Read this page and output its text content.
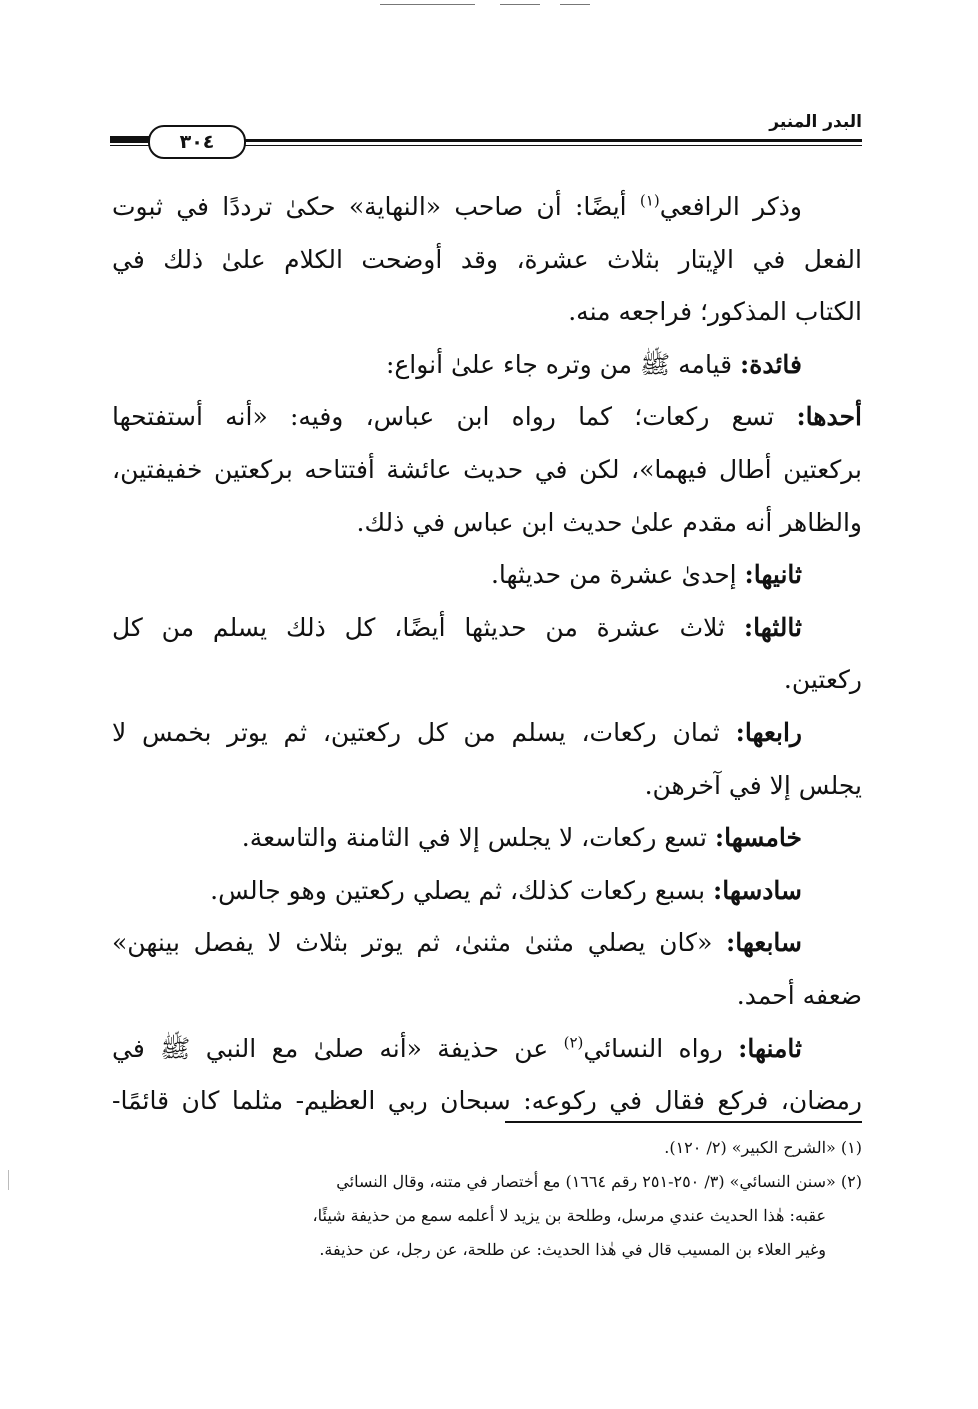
٣٠٤
البدر المنير
وذكر الرافعي$^{(١)}$ أيضًا: أن صاحب «النهاية» حكىٰ ترددًا في ثبوت
الفعل في الإيتار بثلاث عشرة، وقد أوضحت الكلام علىٰ ذلك في
الكتاب المذكور؛ فراجعه منه.
فائدة: قيامه ﷺ من وتره جاء علىٰ أنواع:
أحدها: تسع ركعات؛ كما رواه ابن عباس، وفيه: «أنه أستفتحها
بركعتين أطال فيهما»، لكن في حديث عائشة أفتتاحه بركعتين خفيفتين،
والظاهر أنه مقدم علىٰ حديث ابن عباس في ذلك.
ثانيها: إحدىٰ عشرة من حديثها.
ثالثها: ثلاث عشرة من حديثها أيضًا، كل ذلك يسلم من كل
ركعتين.
رابعها: ثمان ركعات، يسلم من كل ركعتين، ثم يوتر بخمس لا
يجلس إلا في آخرهن.
خامسها: تسع ركعات، لا يجلس إلا في الثامنة والتاسعة.
سادسها: بسبع ركعات كذلك، ثم يصلي ركعتين وهو جالس.
سابعها: «كان يصلي مثنىٰ مثنىٰ، ثم يوتر بثلاث لا يفصل بينهن»
ضعفه أحمد.
ثامنها: رواه النسائي$^{(٢)}$ عن حذيفة «أنه صلىٰ مع النبي ﷺ في
رمضان، فركع فقال في ركوعه: سبحان ربي العظيم- مثلما كان قائمًا-
(١) «الشرح الكبير» (٢/ ١٢٠).
(٢) «سنن النسائي» (٣/ ٢٥٠-٢٥١ رقم ١٦٦٤) مع أختصار في متنه، وقال النسائي
عقبه: هٰذا الحديث عندي مرسل، وطلحة بن يزيد لا أعلمه سمع من حذيفة شيئًا،
وغير العلاء بن المسيب قال في هٰذا الحديث: عن طلحة، عن رجل، عن حذيفة.
